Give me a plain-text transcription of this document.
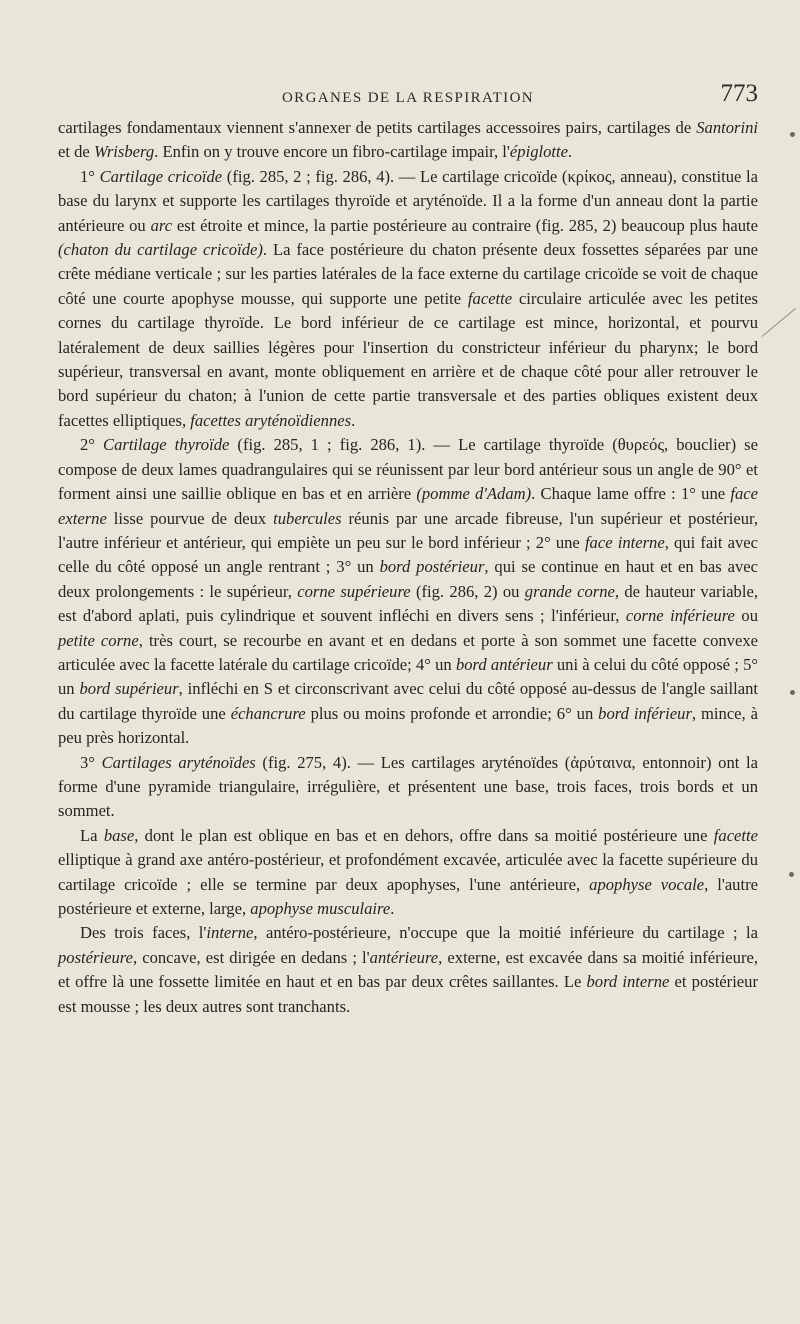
ORGANES DE LA RESPIRATION	773

cartilages fondamentaux viennent s'annexer de petits cartilages accessoires pairs, cartilages de Santorini et de Wrisberg. Enfin on y trouve encore un fibro-cartilage impair, l'épiglotte.

1° Cartilage cricoïde (fig. 285, 2 ; fig. 286, 4). — Le cartilage cricoïde (κρίκος, anneau), constitue la base du larynx et supporte les cartilages thyroïde et aryténoïde. Il a la forme d'un anneau dont la partie antérieure ou arc est étroite et mince, la partie postérieure au contraire (fig. 285, 2) beaucoup plus haute (chaton du cartilage cricoïde). La face postérieure du chaton présente deux fossettes séparées par une crête médiane verticale ; sur les parties latérales de la face externe du cartilage cricoïde se voit de chaque côté une courte apophyse mousse, qui supporte une petite facette circulaire articulée avec les petites cornes du cartilage thyroïde. Le bord inférieur de ce cartilage est mince, horizontal, et pourvu latéralement de deux saillies légères pour l'insertion du constricteur inférieur du pharynx; le bord supérieur, transversal en avant, monte obliquement en arrière et de chaque côté pour aller retrouver le bord supérieur du chaton; à l'union de cette partie transversale et des parties obliques existent deux facettes elliptiques, facettes aryténoïdiennes.

2° Cartilage thyroïde (fig. 285, 1 ; fig. 286, 1). — Le cartilage thyroïde (θυρεός, bouclier) se compose de deux lames quadrangulaires qui se réunissent par leur bord antérieur sous un angle de 90° et forment ainsi une saillie oblique en bas et en arrière (pomme d'Adam). Chaque lame offre : 1° une face externe lisse pourvue de deux tubercules réunis par une arcade fibreuse, l'un supérieur et postérieur, l'autre inférieur et antérieur, qui empiète un peu sur le bord inférieur ; 2° une face interne, qui fait avec celle du côté opposé un angle rentrant ; 3° un bord postérieur, qui se continue en haut et en bas avec deux prolongements : le supérieur, corne supérieure (fig. 286, 2) ou grande corne, de hauteur variable, est d'abord aplati, puis cylindrique et souvent infléchi en divers sens ; l'inférieur, corne inférieure ou petite corne, très court, se recourbe en avant et en dedans et porte à son sommet une facette convexe articulée avec la facette latérale du cartilage cricoïde; 4° un bord antérieur uni à celui du côté opposé ; 5° un bord supérieur, infléchi en S et circonscrivant avec celui du côté opposé au-dessus de l'angle saillant du cartilage thyroïde une échancrure plus ou moins profonde et arrondie; 6° un bord inférieur, mince, à peu près horizontal.

3° Cartilages aryténoïdes (fig. 275, 4). — Les cartilages aryténoïdes (ἀρύταινα, entonnoir) ont la forme d'une pyramide triangulaire, irrégulière, et présentent une base, trois faces, trois bords et un sommet.

La base, dont le plan est oblique en bas et en dehors, offre dans sa moitié postérieure une facette elliptique à grand axe antéro-postérieur, et profondément excavée, articulée avec la facette supérieure du cartilage cricoïde ; elle se termine par deux apophyses, l'une antérieure, apophyse vocale, l'autre postérieure et externe, large, apophyse musculaire.

Des trois faces, l'interne, antéro-postérieure, n'occupe que la moitié inférieure du cartilage ; la postérieure, concave, est dirigée en dedans ; l'antérieure, externe, est excavée dans sa moitié inférieure, et offre là une fossette limitée en haut et en bas par deux crêtes saillantes. Le bord interne et postérieur est mousse ; les deux autres sont tranchants.
